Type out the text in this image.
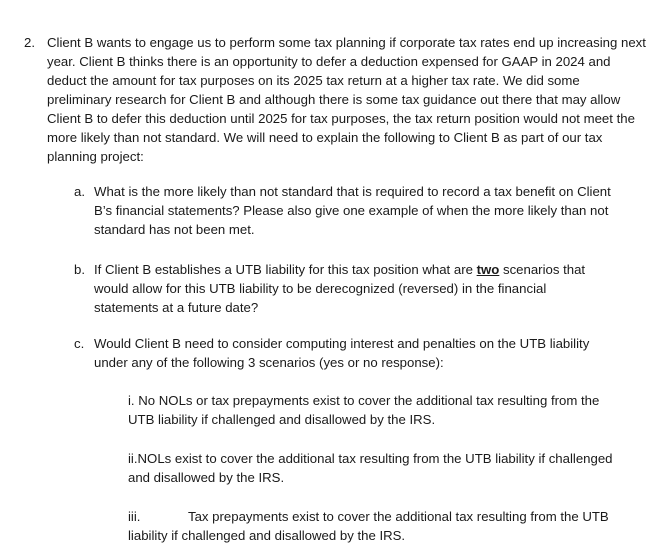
2. Client B wants to engage us to perform some tax planning if corporate tax rates end up increasing next year. Client B thinks there is an opportunity to defer a deduction expensed for GAAP in 2024 and deduct the amount for tax purposes on its 2025 tax return at a higher tax rate. We did some preliminary research for Client B and although there is some tax guidance out there that may allow Client B to defer this deduction until 2025 for tax purposes, the tax return position would not meet the more likely than not standard. We will need to explain the following to Client B as part of our tax planning project:
a. What is the more likely than not standard that is required to record a tax benefit on Client B’s financial statements? Please also give one example of when the more likely than not standard has not been met.
b. If Client B establishes a UTB liability for this tax position what are two scenarios that would allow for this UTB liability to be derecognized (reversed) in the financial statements at a future date?
c. Would Client B need to consider computing interest and penalties on the UTB liability under any of the following 3 scenarios (yes or no response):
i. No NOLs or tax prepayments exist to cover the additional tax resulting from the UTB liability if challenged and disallowed by the IRS.
ii.NOLs exist to cover the additional tax resulting from the UTB liability if challenged and disallowed by the IRS.
iii.	Tax prepayments exist to cover the additional tax resulting from the UTB liability if challenged and disallowed by the IRS.
